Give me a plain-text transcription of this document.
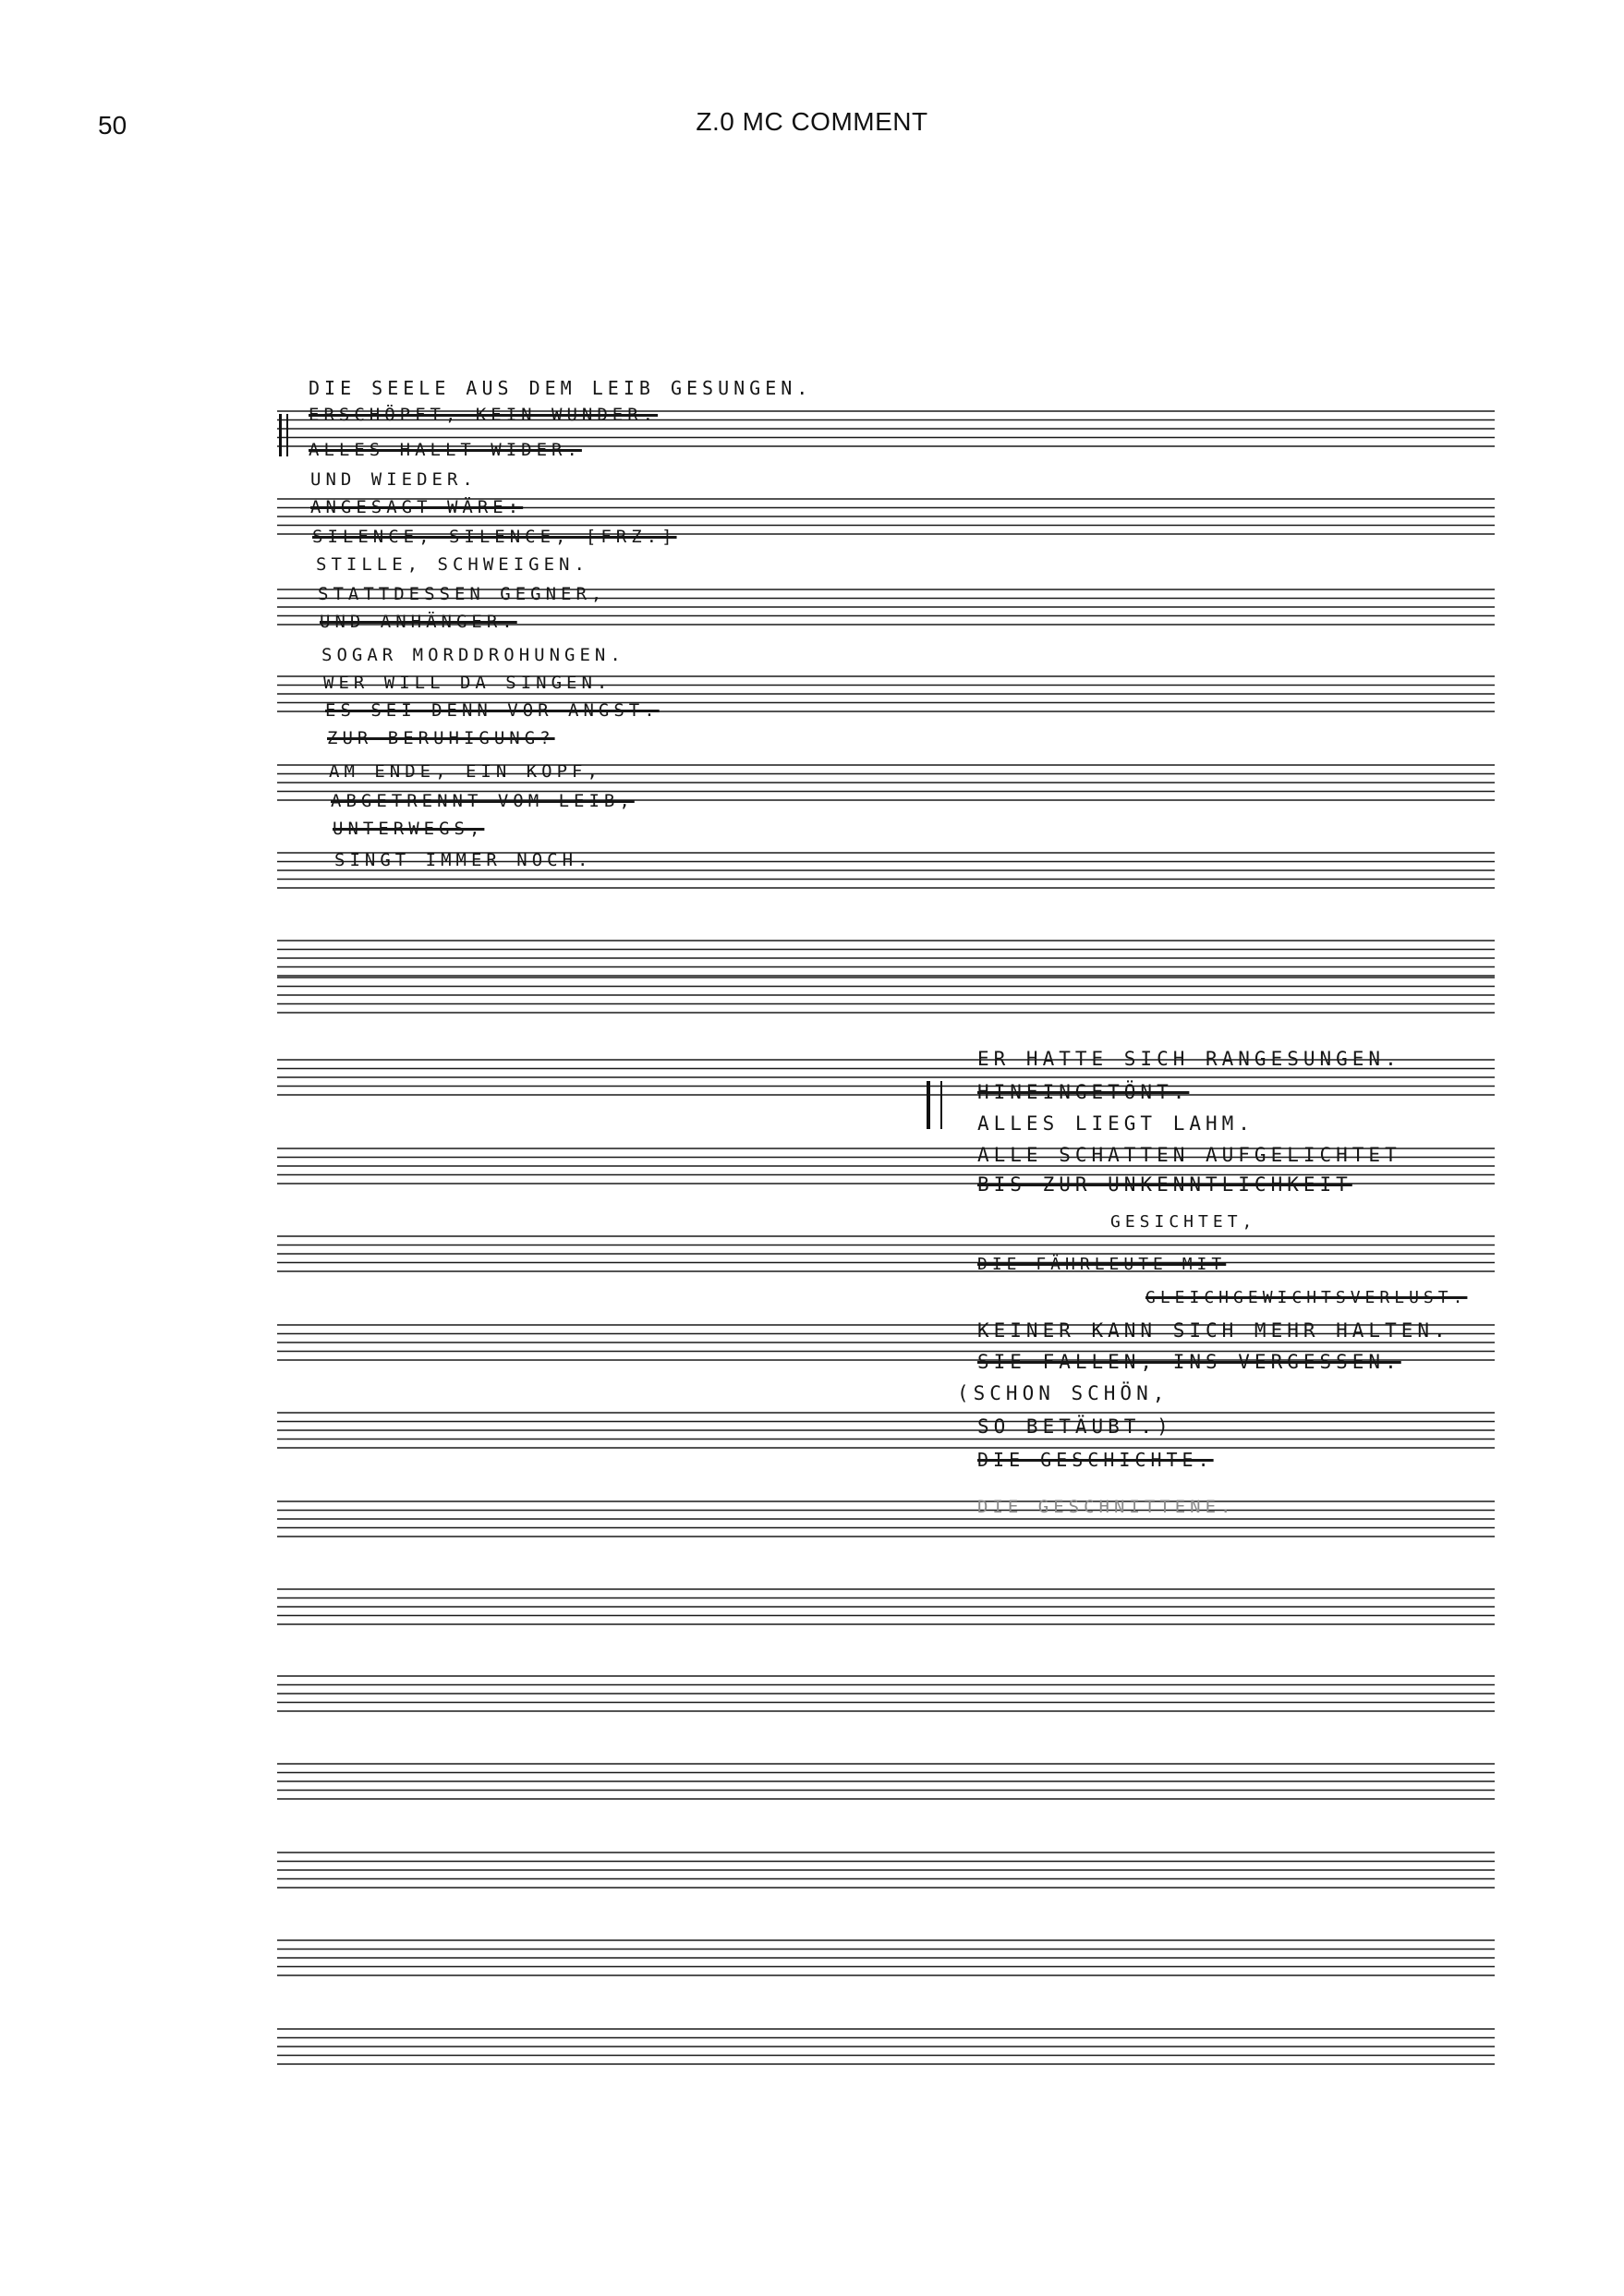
50	Z.0 MC COMMENT
DIE SEELE AUS DEM LEIB GESUNGEN.
ERSCHÖPFT, KEIN WUNDER.
ALLES HALLT WIDER.
UND WIEDER.
ANGESAGT WÄRE:
SILENCE, SILENCE, [FRZ.]
STILLE, SCHWEIGEN.
STATTDESSEN GEGNER,
UND ANHÄNGER.
SOGAR MORDDROHUNGEN.
WER WILL DA SINGEN.
ES SEI DENN VOR ANGST.
ZUR BERUHIGUNG?
AM ENDE, EIN KOPF,
ABGETRENNT VOM LEIB,
UNTERWEGS,
SINGT IMMER NOCH.
ER HATTE SICH RANGESUNGEN.
HINEINGETÖNT.
ALLES LIEGT LAHM.
ALLE SCHATTEN AUFGELICHTET
BIS ZUR UNKENNTLICHKEIT
GESICHTET,
DIE FÄHRLEUTE MIT
GLEICHGEWICHTSVERLUST.
KEINER KANN SICH MEHR HALTEN.
SIE FALLEN, INS VERGESSEN.
(SCHON SCHÖN,
SO BETÄUBT.)
DIE GESCHICHTE.
DIE GESCHNITTENE.
